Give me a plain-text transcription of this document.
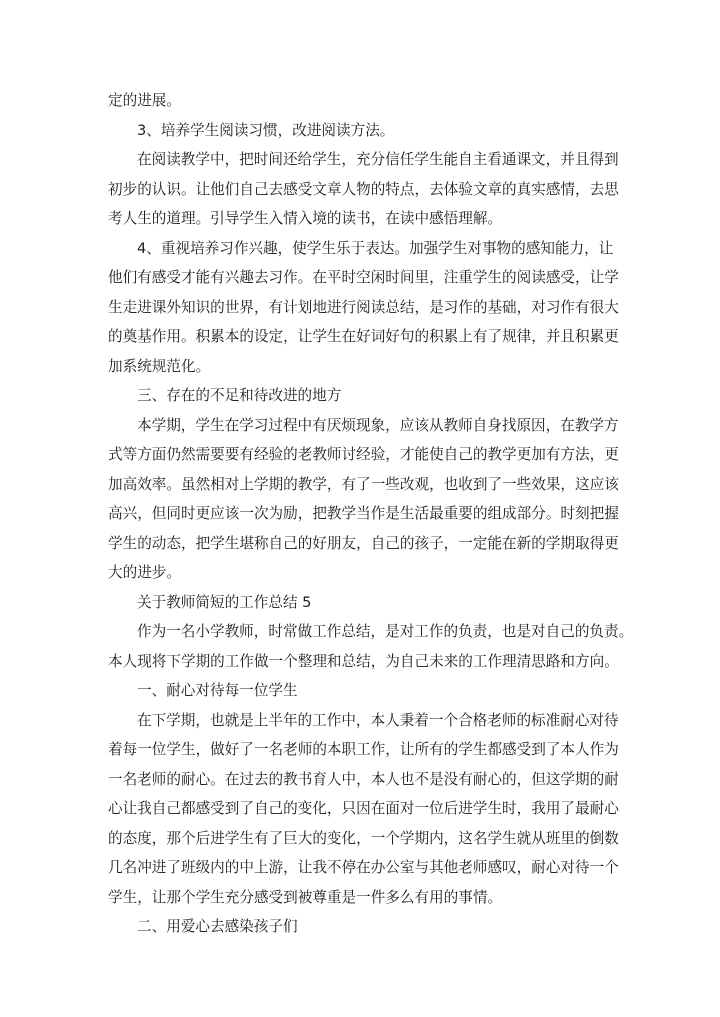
定的进展。
3、培养学生阅读习惯，改进阅读方法。
在阅读教学中，把时间还给学生，充分信任学生能自主看通课文，并且得到
初步的认识。让他们自己去感受文章人物的特点，去体验文章的真实感情，去思
考人生的道理。引导学生入情入境的读书，在读中感悟理解。
4、重视培养习作兴趣，使学生乐于表达。加强学生对事物的感知能力，让
他们有感受才能有兴趣去习作。在平时空闲时间里，注重学生的阅读感受，让学
生走进课外知识的世界，有计划地进行阅读总结，是习作的基础，对习作有很大
的奠基作用。积累本的设定，让学生在好词好句的积累上有了规律，并且积累更
加系统规范化。
三、存在的不足和待改进的地方
本学期，学生在学习过程中有厌烦现象，应该从教师自身找原因，在教学方
式等方面仍然需要要有经验的老教师讨经验，才能使自己的教学更加有方法，更
加高效率。虽然相对上学期的教学，有了一些改观，也收到了一些效果，这应该
高兴，但同时更应该一次为励，把教学当作是生活最重要的组成部分。时刻把握
学生的动态，把学生堪称自己的好朋友，自己的孩子，一定能在新的学期取得更
大的进步。
关于教师简短的工作总结 5
作为一名小学教师，时常做工作总结，是对工作的负责，也是对自己的负责。
本人现将下学期的工作做一个整理和总结，为自己未来的工作理清思路和方向。
一、耐心对待每一位学生
在下学期，也就是上半年的工作中，本人秉着一个合格老师的标准耐心对待
着每一位学生，做好了一名老师的本职工作，让所有的学生都感受到了本人作为
一名老师的耐心。在过去的教书育人中，本人也不是没有耐心的，但这学期的耐
心让我自己都感受到了自己的变化，只因在面对一位后进学生时，我用了最耐心
的态度，那个后进学生有了巨大的变化，一个学期内，这名学生就从班里的倒数
几名冲进了班级内的中上游，让我不停在办公室与其他老师感叹，耐心对待一个
学生，让那个学生充分感受到被尊重是一件多么有用的事情。
二、用爱心去感染孩子们
